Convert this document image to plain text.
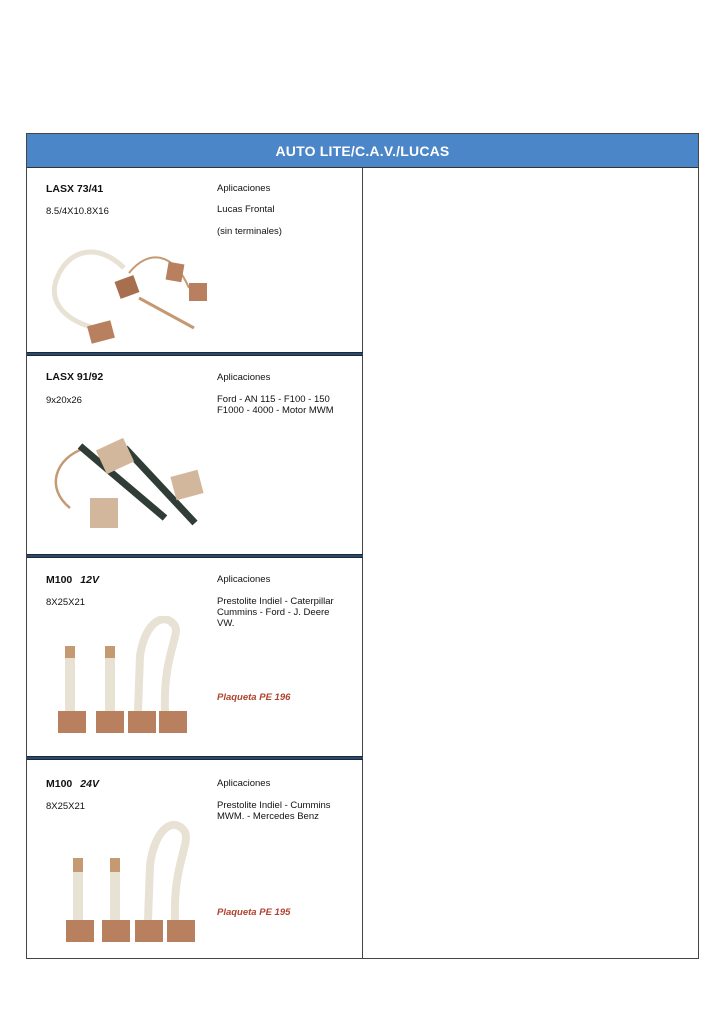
AUTO LITE/C.A.V./LUCAS
LASX 73/41
8.5/4X10.8X16
Aplicaciones
Lucas Frontal
(sin terminales)
LASX 91/92
9x20x26
Aplicaciones
Ford - AN 115 - F100 - 150
F1000 - 4000 - Motor MWM
M100 12V
8X25X21
Aplicaciones
Prestolite Indiel - Caterpillar
Cummins - Ford - J. Deere
VW.
Plaqueta PE 196
M100 24V
8X25X21
Aplicaciones
Prestolite Indiel - Cummins
MWM. - Mercedes Benz
Plaqueta PE 195
